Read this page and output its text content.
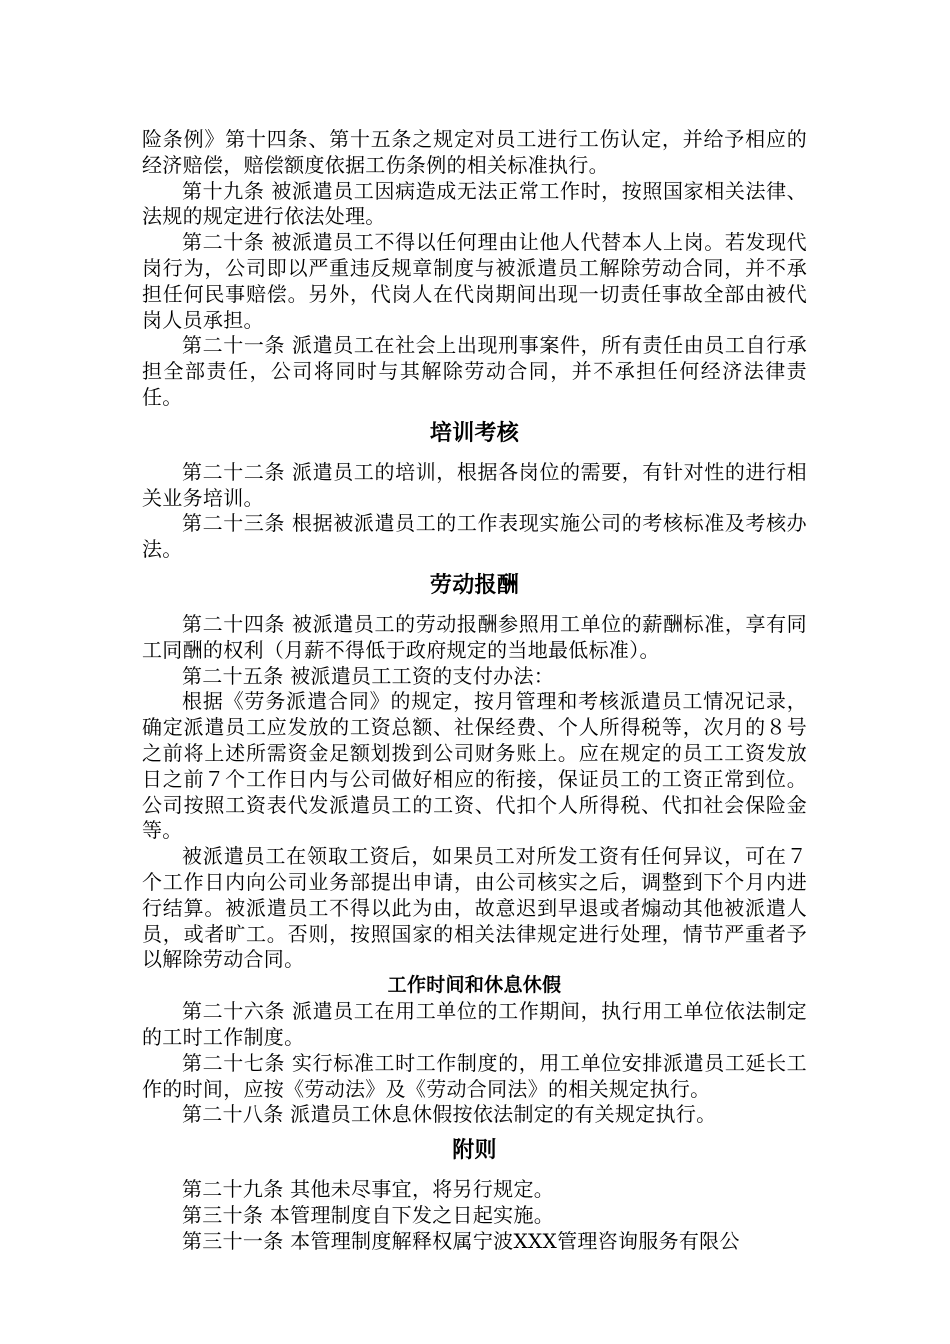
险条例》第十四条、第十五条之规定对员工进行工伤认定，并给予相应的经济赔偿，赔偿额度依据工伤条例的相关标准执行。

第十九条 被派遣员工因病造成无法正常工作时，按照国家相关法律、法规的规定进行依法处理。

第二十条 被派遣员工不得以任何理由让他人代替本人上岗。若发现代岗行为，公司即以严重违反规章制度与被派遣员工解除劳动合同，并不承担任何民事赔偿。另外，代岗人在代岗期间出现一切责任事故全部由被代岗人员承担。

第二十一条 派遣员工在社会上出现刑事案件，所有责任由员工自行承担全部责任，公司将同时与其解除劳动合同，并不承担任何经济法律责任。

培训考核

第二十二条 派遣员工的培训，根据各岗位的需要，有针对性的进行相关业务培训。

第二十三条 根据被派遣员工的工作表现实施公司的考核标准及考核办法。

劳动报酬

第二十四条 被派遣员工的劳动报酬参照用工单位的薪酬标准，享有同工同酬的权利（月薪不得低于政府规定的当地最低标准）。

第二十五条 被派遣员工工资的支付办法：

根据《劳务派遣合同》的规定，按月管理和考核派遣员工情况记录，确定派遣员工应发放的工资总额、社保经费、个人所得税等，次月的８号之前将上述所需资金足额划拨到公司财务账上。应在规定的员工工资发放日之前７个工作日内与公司做好相应的衔接，保证员工的工资正常到位。公司按照工资表代发派遣员工的工资、代扣个人所得税、代扣社会保险金等。

被派遣员工在领取工资后，如果员工对所发工资有任何异议，可在７个工作日内向公司业务部提出申请，由公司核实之后，调整到下个月内进行结算。被派遣员工不得以此为由，故意迟到早退或者煽动其他被派遣人员，或者旷工。否则，按照国家的相关法律规定进行处理，情节严重者予以解除劳动合同。

工作时间和休息休假

第二十六条 派遣员工在用工单位的工作期间，执行用工单位依法制定的工时工作制度。

第二十七条 实行标准工时工作制度的，用工单位安排派遣员工延长工作的时间，应按《劳动法》及《劳动合同法》的相关规定执行。

第二十八条 派遣员工休息休假按依法制定的有关规定执行。

附则

第二十九条 其他未尽事宜，将另行规定。

第三十条 本管理制度自下发之日起实施。

第三十一条 本管理制度解释权属宁波XXX管理咨询服务有限公
